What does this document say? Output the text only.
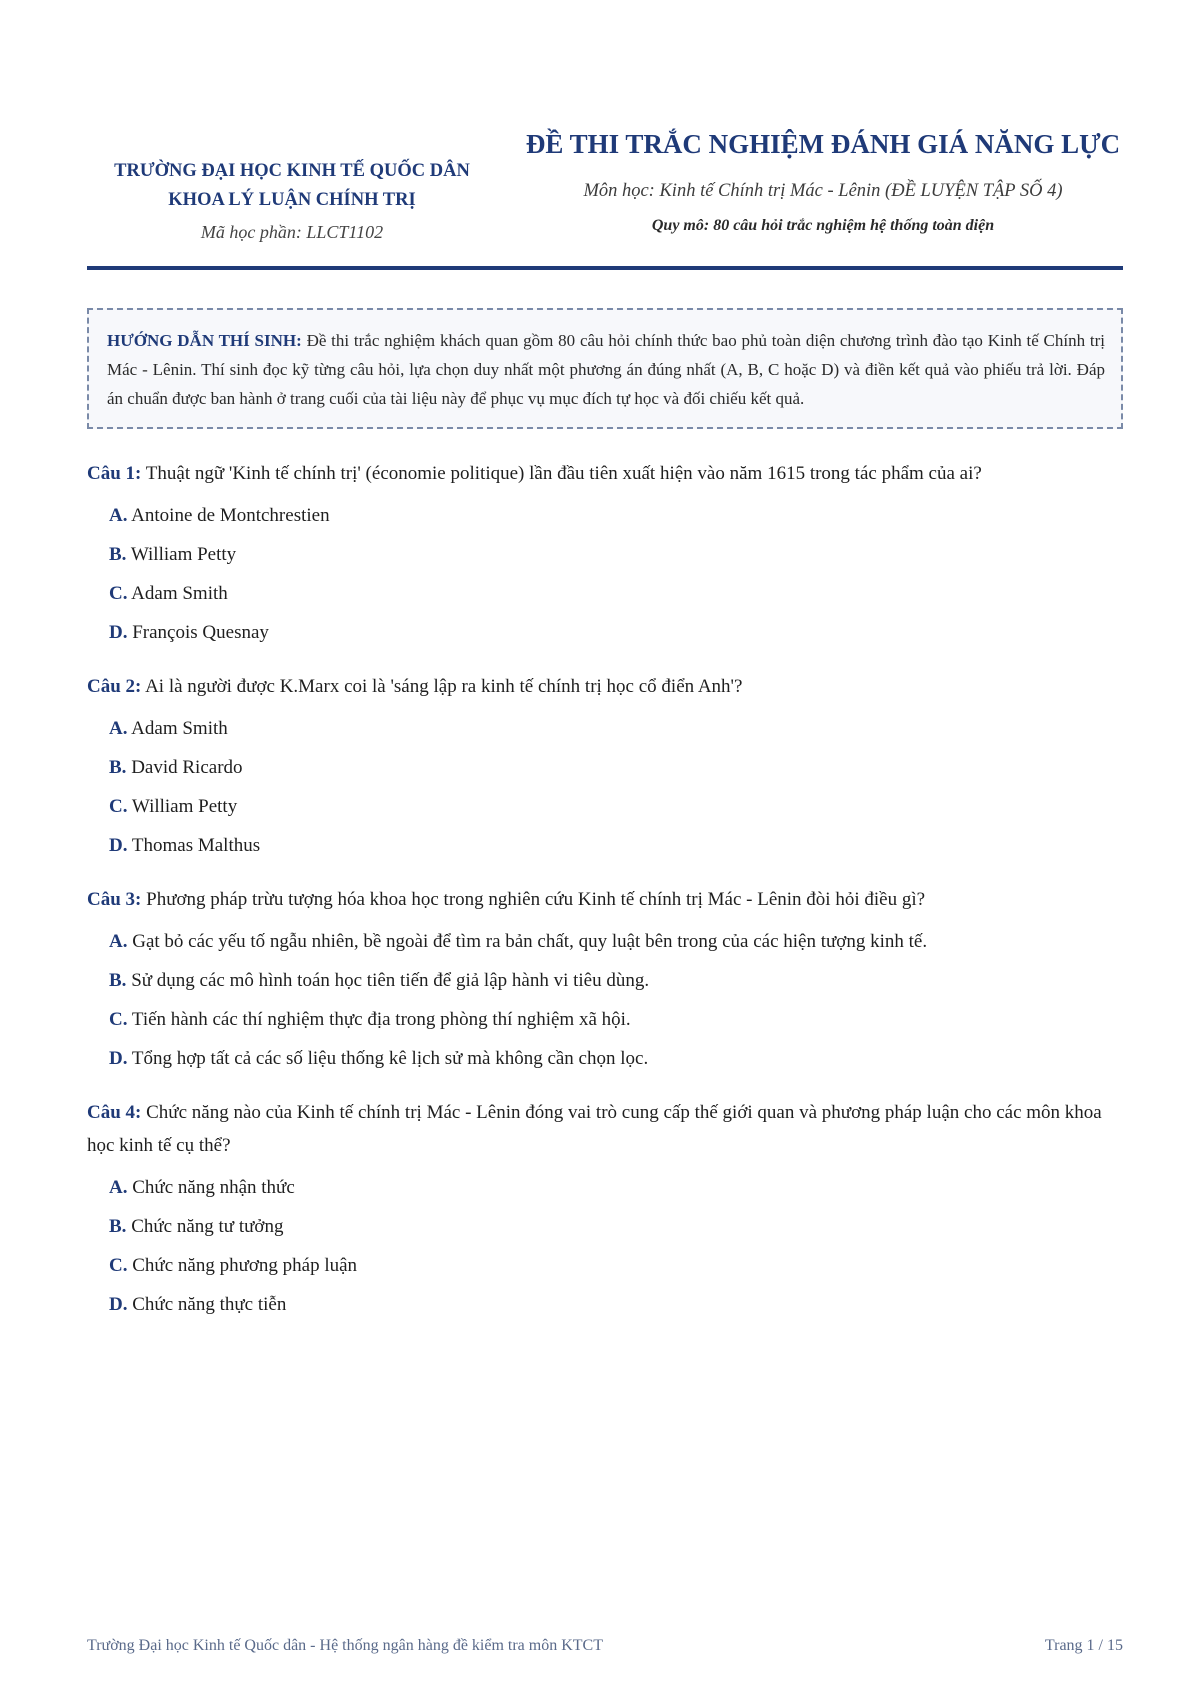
TRƯỜNG ĐẠI HỌC KINH TẾ QUỐC DÂN
KHOA LÝ LUẬN CHÍNH TRỊ
Mã học phần: LLCT1102
ĐỀ THI TRẮC NGHIỆM ĐÁNH GIÁ NĂNG LỰC
Môn học: Kinh tế Chính trị Mác - Lênin (ĐỀ LUYỆN TẬP SỐ 4)
Quy mô: 80 câu hỏi trắc nghiệm hệ thống toàn diện
HƯỚNG DẪN THÍ SINH: Đề thi trắc nghiệm khách quan gồm 80 câu hỏi chính thức bao phủ toàn diện chương trình đào tạo Kinh tế Chính trị Mác - Lênin. Thí sinh đọc kỹ từng câu hỏi, lựa chọn duy nhất một phương án đúng nhất (A, B, C hoặc D) và điền kết quả vào phiếu trả lời. Đáp án chuẩn được ban hành ở trang cuối của tài liệu này để phục vụ mục đích tự học và đối chiếu kết quả.

Câu 1: Thuật ngữ 'Kinh tế chính trị' (économie politique) lần đầu tiên xuất hiện vào năm 1615 trong tác phẩm của ai?

A. Antoine de Montchrestien
B. William Petty
C. Adam Smith
D. François Quesnay

Câu 2: Ai là người được K.Marx coi là 'sáng lập ra kinh tế chính trị học cổ điển Anh'?

A. Adam Smith
B. David Ricardo
C. William Petty
D. Thomas Malthus

Câu 3: Phương pháp trừu tượng hóa khoa học trong nghiên cứu Kinh tế chính trị Mác - Lênin đòi hỏi điều gì?

A. Gạt bỏ các yếu tố ngẫu nhiên, bề ngoài để tìm ra bản chất, quy luật bên trong của các hiện tượng kinh tế.
B. Sử dụng các mô hình toán học tiên tiến để giả lập hành vi tiêu dùng.
C. Tiến hành các thí nghiệm thực địa trong phòng thí nghiệm xã hội.
D. Tổng hợp tất cả các số liệu thống kê lịch sử mà không cần chọn lọc.

Câu 4: Chức năng nào của Kinh tế chính trị Mác - Lênin đóng vai trò cung cấp thế giới quan và phương pháp luận cho các môn khoa học kinh tế cụ thể?

A. Chức năng nhận thức
B. Chức năng tư tưởng
C. Chức năng phương pháp luận
D. Chức năng thực tiễn
Trường Đại học Kinh tế Quốc dân - Hệ thống ngân hàng đề kiểm tra môn KTCT	Trang 1 / 15
